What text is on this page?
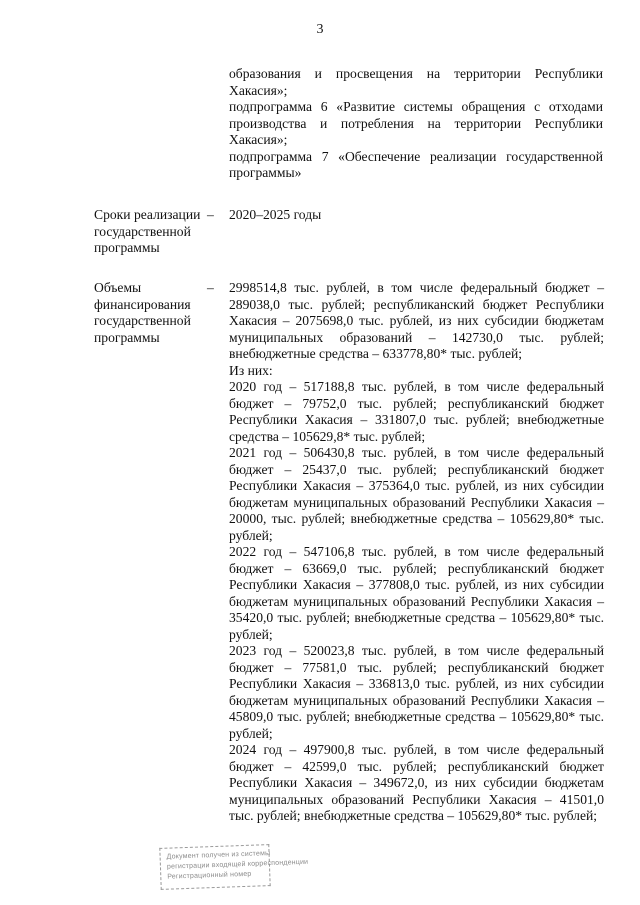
3

образования и просвещения на территории Республики Хакасия»;

подпрограмма 6 «Развитие системы обращения с отходами производства и потребления на территории Республики Хакасия»;

подпрограмма 7 «Обеспечение реализации государственной программы»

Сроки реализации государственной программы

– 2020–2025 годы

Объемы финансирования государственной программы

– 2998514,8 тыс. рублей, в том числе федеральный бюджет – 289038,0 тыс. рублей; республиканский бюджет Республики Хакасия – 2075698,0 тыс. рублей, из них субсидии бюджетам муниципальных образований – 142730,0 тыс. рублей; внебюджетные средства – 633778,80* тыс. рублей;

Из них:

2020 год – 517188,8 тыс. рублей, в том числе федеральный бюджет – 79752,0 тыс. рублей; республиканский бюджет Республики Хакасия – 331807,0 тыс. рублей; внебюджетные средства – 105629,8* тыс. рублей;

2021 год – 506430,8 тыс. рублей, в том числе федеральный бюджет – 25437,0 тыс. рублей; республиканский бюджет Республики Хакасия – 375364,0 тыс. рублей, из них субсидии бюджетам муниципальных образований Республики Хакасия – 20000, тыс. рублей; внебюджетные средства – 105629,80* тыс. рублей;

2022 год – 547106,8 тыс. рублей, в том числе федеральный бюджет – 63669,0 тыс. рублей; республиканский бюджет Республики Хакасия – 377808,0 тыс. рублей, из них субсидии бюджетам муниципальных образований Республики Хакасия – 35420,0 тыс. рублей; внебюджетные средства – 105629,80* тыс. рублей;

2023 год – 520023,8 тыс. рублей, в том числе федеральный бюджет – 77581,0 тыс. рублей; республиканский бюджет Республики Хакасия – 336813,0 тыс. рублей, из них субсидии бюджетам муниципальных образований Республики Хакасия – 45809,0 тыс. рублей; внебюджетные средства – 105629,80* тыс. рублей;

2024 год – 497900,8 тыс. рублей, в том числе федеральный бюджет – 42599,0 тыс. рублей; республиканский бюджет Республики Хакасия – 349672,0, из них субсидии бюджетам муниципальных образований Республики Хакасия – 41501,0 тыс. рублей; внебюджетные средства – 105629,80* тыс. рублей;

Документ получен из системы
регистрации входящей корреспонденции
Регистрационный номер
